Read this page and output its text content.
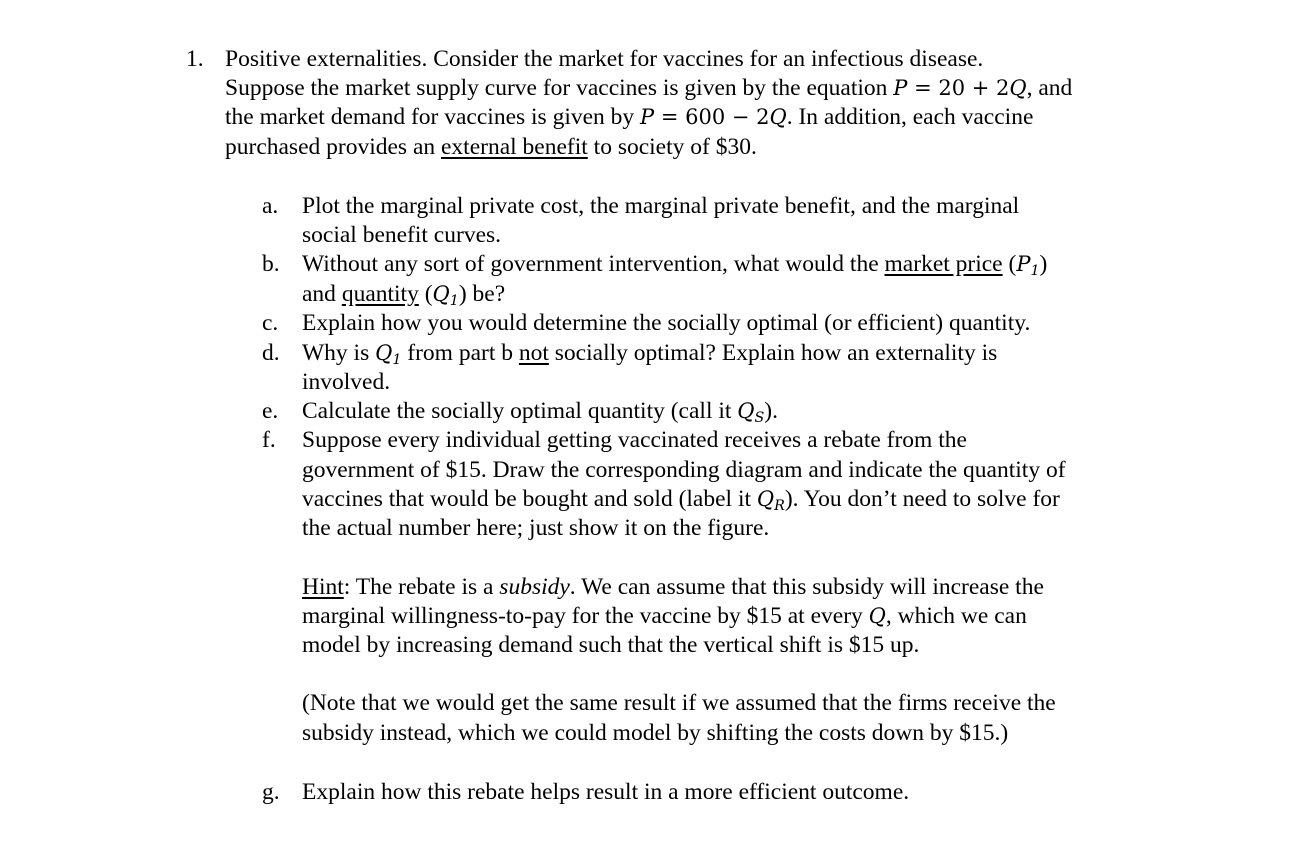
1. Positive externalities. Consider the market for vaccines for an infectious disease.
Suppose the market supply curve for vaccines is given by the equation P = 20 + 2Q, and
the market demand for vaccines is given by P = 600 − 2Q. In addition, each vaccine
purchased provides an external benefit to society of $30.
a. Plot the marginal private cost, the marginal private benefit, and the marginal
social benefit curves.
b. Without any sort of government intervention, what would the market price $(P_1)$
and quantity $(Q_1)$ be?
c. Explain how you would determine the socially optimal (or efficient) quantity.
d. Why is $Q_1$ from part b not socially optimal? Explain how an externality is
involved.
e. Calculate the socially optimal quantity (call it $Q_S$).
f. Suppose every individual getting vaccinated receives a rebate from the
government of $15. Draw the corresponding diagram and indicate the quantity of
vaccines that would be bought and sold (label it $Q_R$). You don’t need to solve for
the actual number here; just show it on the figure.
Hint: The rebate is a subsidy. We can assume that this subsidy will increase the
marginal willingness-to-pay for the vaccine by $15 at every Q, which we can
model by increasing demand such that the vertical shift is $15 up.
(Note that we would get the same result if we assumed that the firms receive the
subsidy instead, which we could model by shifting the costs down by $15.)
g. Explain how this rebate helps result in a more efficient outcome.
